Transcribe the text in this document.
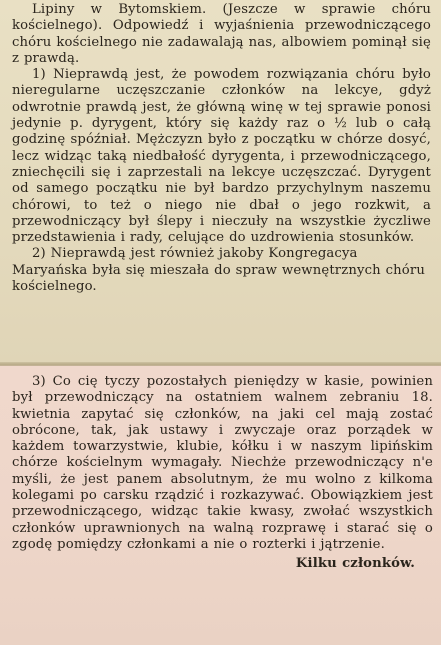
Lipiny w Bytomskiem. (Jeszcze w sprawie chóru kościelnego). Odpowiedź i wyjaśnienia przewodniczącego chóru kościelnego nie zadawalają nas, albowiem pominął się z prawdą.

1) Nieprawdą jest, że powodem rozwiązania chóru było nieregularne uczęszczanie członków na lekcye, gdyż odwrotnie prawdą jest, że główną winę w tej sprawie ponosi jedynie p. dyrygent, który się każdy raz o ½ lub o całą godzinę spóźniał. Mężczyzn było z początku w chórze dosyć, lecz widząc taką niedbałość dyrygenta, i przewodniczącego, zniechęcili się i zaprzestali na lekcye uczęszczać. Dyrygent od samego początku nie był bardzo przychylnym naszemu chórowi, to też o niego nie dbał o jego rozkwit, a przewodniczący był ślepy i nieczuły na wszystkie życzliwe przedstawienia i rady, celujące do uzdrowienia stosunków.

2) Nieprawdą jest również jakoby Kongregacya Maryańska była się mieszała do spraw wewnętrznych chóru kościelnego.

3) Co cię tyczy pozostałych pieniędzy w kasie, powinien był przewodniczący na ostatniem walnem zebraniu 18. kwietnia zapytać się członków, na jaki cel mają zostać obrócone, tak, jak ustawy i zwyczaje oraz porządek w każdem towarzystwie, klubie, kółku i w naszym lipińskim chórze kościelnym wymagały. Niechże przewodniczący n'e myśli, że jest panem absolutnym, że mu wolno z kilkoma kolegami po carsku rządzić i rozkazywać. Obowiązkiem jest przewodniczącego, widząc takie kwasy, zwołać wszystkich członków uprawnionych na walną rozprawę i starać się o zgodę pomiędzy członkami a nie o rozterki i jątrzenie.

Kilku członków.
